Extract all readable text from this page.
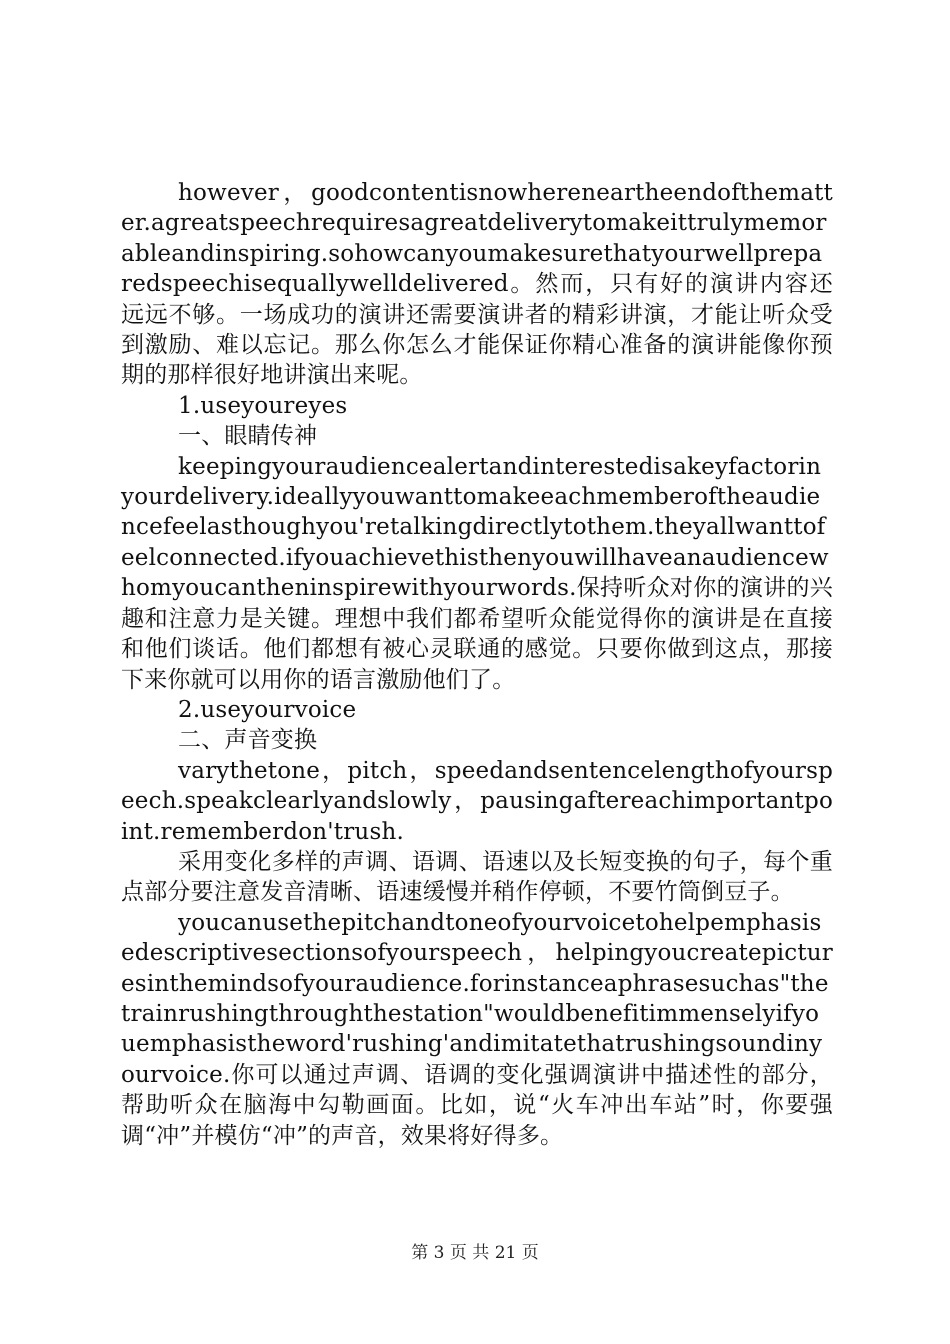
however，goodcontentisnowhereneartheendofthematter.agreatspeechrequiresagreatdeliverytomakeittrulymemorableandinspiring.sohowcanyoumakesurethatyourwellpreparedspeechisequallywelldelivered。然而，只有好的演讲内容还远远不够。一场成功的演讲还需要演讲者的精彩讲演，才能让听众受到激励、难以忘记。那么你怎么才能保证你精心准备的演讲能像你预期的那样很好地讲演出来呢。

1.useyoureyes

一、眼睛传神

keepingyouraudiencealertandinterestedisakeyfactorinyourdelivery.ideallyyouwanttomakeeachmemberoftheaudiencefeelasthoughyou'retalkingdirectlytothem.theyallwanttofeelconnected.ifyouachievethisthenyouwillhaveanaudiencewhomyoucantheninspirewithyourwords.保持听众对你的演讲的兴趣和注意力是关键。理想中我们都希望听众能觉得你的演讲是在直接和他们谈话。他们都想有被心灵联通的感觉。只要你做到这点，那接下来你就可以用你的语言激励他们了。

2.useyourvoice

二、声音变换

varythetone，pitch，speedandsentencelengthofyourspeech.speakclearlyandslowly，pausingaftereachimportantpoint.rememberdon'trush.

采用变化多样的声调、语调、语速以及长短变换的句子，每个重点部分要注意发音清晰、语速缓慢并稍作停顿，不要竹筒倒豆子。

youcanusethepitchandtoneofyourvoicetohelpemphasisedescriptivesectionsofyourspeech，helpingyoucreatepicturesinthemindsofyouraudience.forinstanceaphrasesuchas"thetrainrushingthroughthestation"wouldbenefitimmenselyifyouemphasistheword'rushing'andimitatethatrushingsoundinyourvoice.你可以通过声调、语调的变化强调演讲中描述性的部分，帮助听众在脑海中勾勒画面。比如，说“火车冲出车站”时，你要强调“冲”并模仿“冲”的声音，效果将好得多。

第 3 页 共 21 页
